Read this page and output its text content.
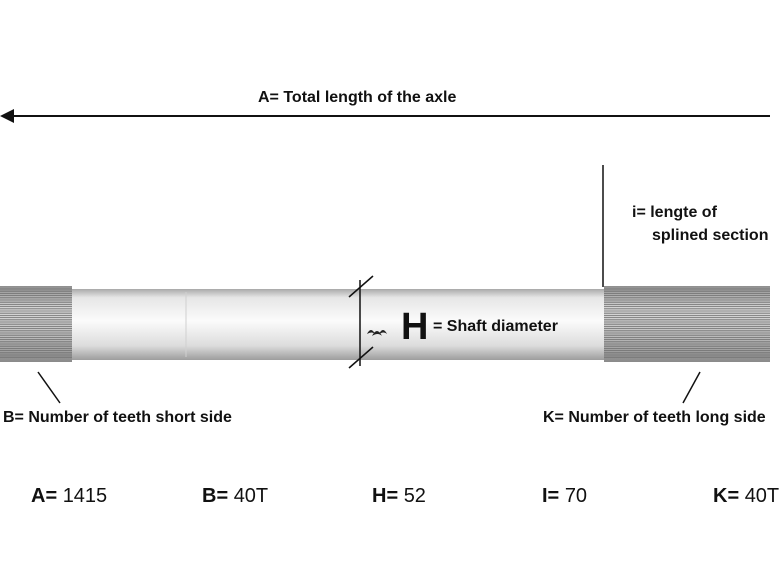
A= Total length of the axle
i= lengte of
splined section
H = Shaft diameter
B= Number of teeth short side	K= Number of teeth long side
A= 1415	B= 40T	H= 52	I= 70	K= 40T
